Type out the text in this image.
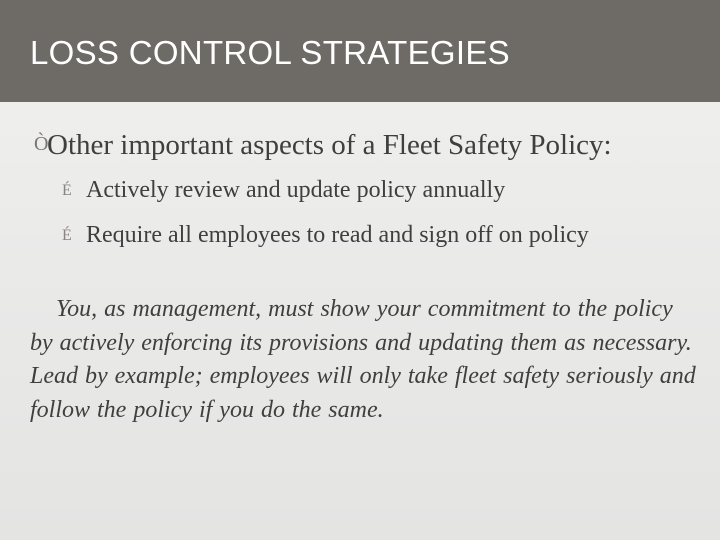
LOSS CONTROL STRATEGIES
ÒOther important aspects of a Fleet Safety Policy:
É Actively review and update policy annually
É Require all employees to read and sign off on policy

You, as management, must show your commitment to the policy by actively enforcing its provisions and updating them as necessary. Lead by example; employees will only take fleet safety seriously and follow the policy if you do the same.
